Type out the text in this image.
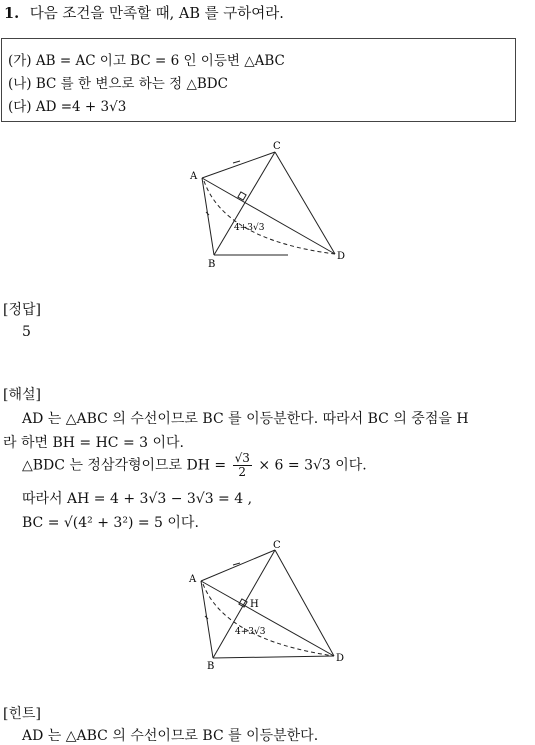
1. 다음 조건을 만족할 때, AB 를 구하여라.
(가) AB = AC 이고 BC = 6 인 이등변 △ABC
(나) BC 를 한 변으로 하는 정 △BDC
(다) AD =4 + 3√3
A
B
C
D
4+3√3
[정답]
5
[해설]
AD 는 △ABC 의 수선이므로 BC 를 이등분한다. 따라서 BC 의 중점을 H
라 하면 BH = HC = 3 이다.
△BDC 는 정삼각형이므로 DH = $\frac{√3}{2} \times 6 = 3√3$ 이다.
따라서 AH = 4 + 3√3 − 3√3 = 4 ,
BC = √(4² + 3²) = 5 이다.
A
B
C
D
H
4+3√3
[힌트]
AD 는 △ABC 의 수선이므로 BC 를 이등분한다.
